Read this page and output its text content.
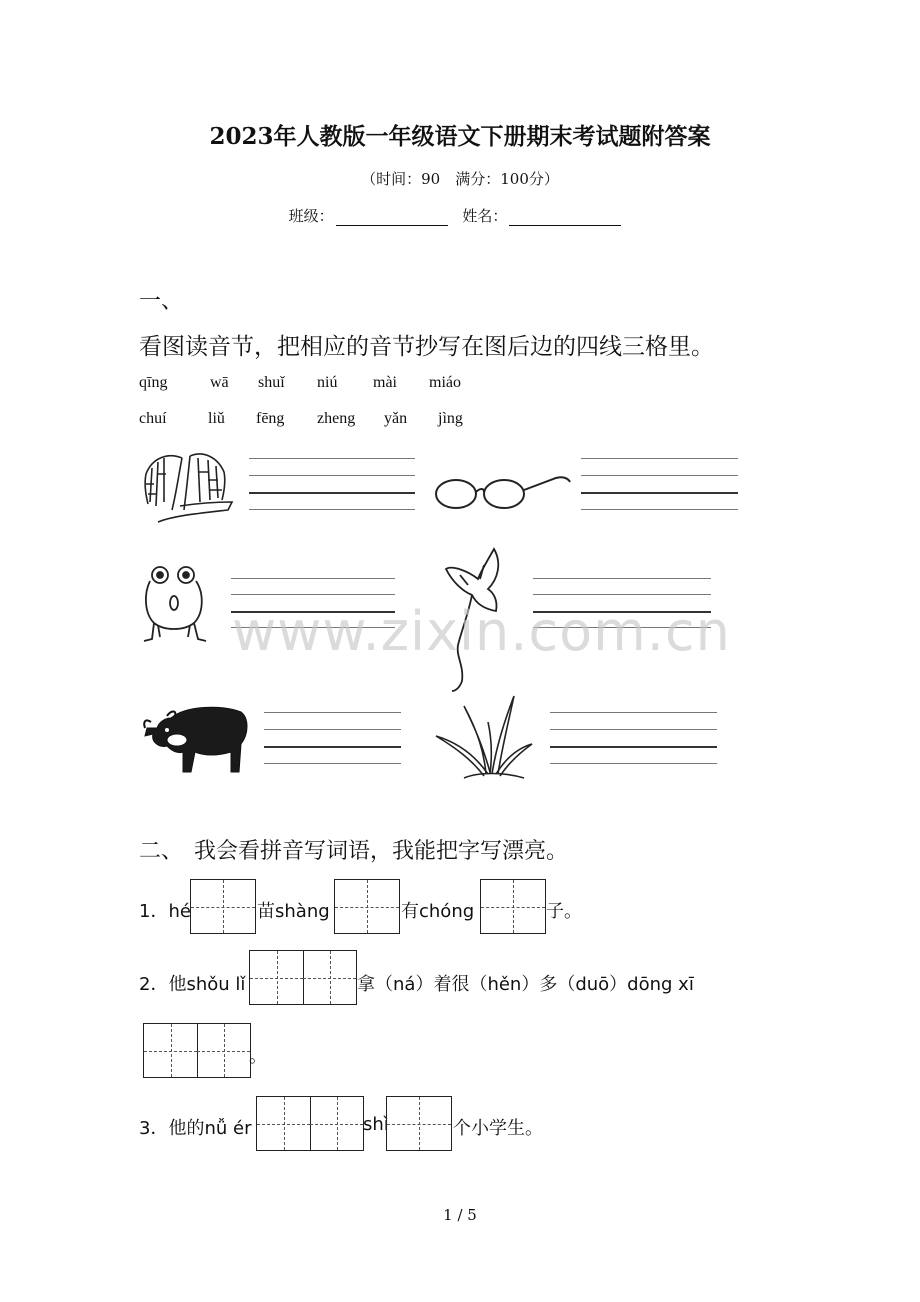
2023年人教版一年级语文下册期末考试题附答案
（时间：90　满分：100分）
班级：	姓名：
一、
看图读音节，把相应的音节抄写在图后边的四线三格里。
qīng	wā shuǐ niú mài miáo
chuí	liǔ fēng zheng yǎn jìng
www.zixin.com.cn
二、　我会看拼音写词语，我能把字写漂亮。
1．hé	苗shàng	有chóng	子。
2．他shǒu lǐ	拿（ná）着很（hěn）多（duō）dōng xī
。
3．他的nǚ ér	shì	个小学生。
1 / 5
